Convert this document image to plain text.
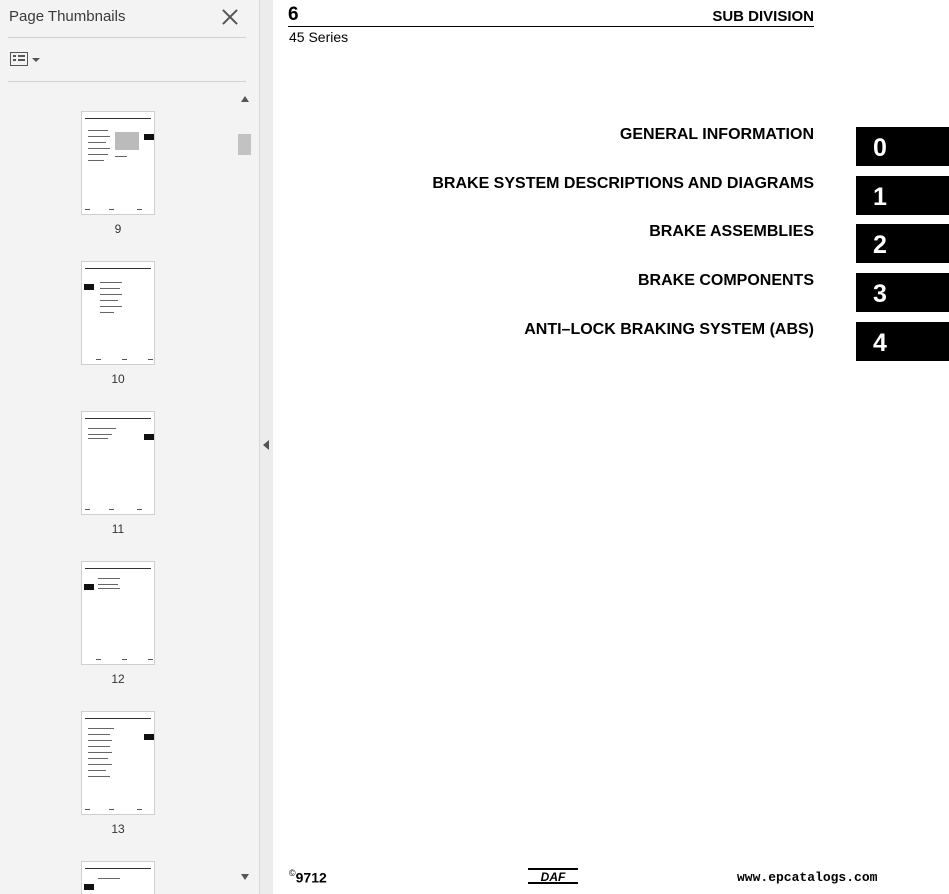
Page Thumbnails
9
10
11
12
13
6	SUB DIVISION
45 Series
GENERAL INFORMATION 0
BRAKE SYSTEM DESCRIPTIONS AND DIAGRAMS 1
BRAKE ASSEMBLIES 2
BRAKE COMPONENTS 3
ANTI–LOCK BRAKING SYSTEM (ABS) 4
©9712	DAF	www.epcatalogs.com
